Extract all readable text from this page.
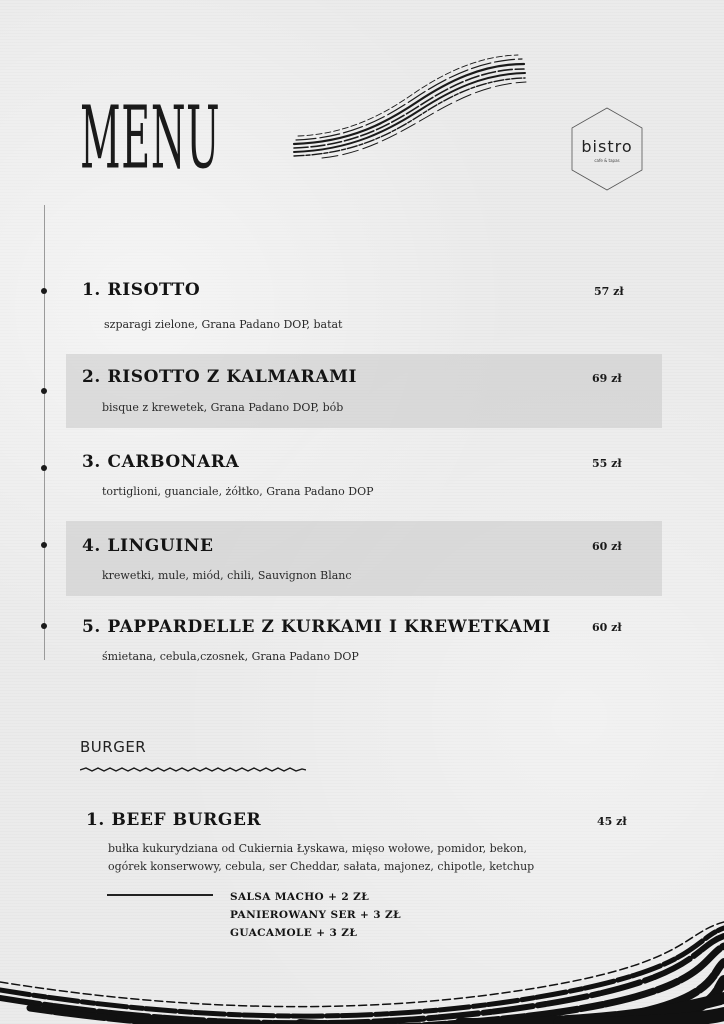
MENU	bistro
cafe & tapas
1. RISOTTO	57 zł
szparagi zielone, Grana Padano DOP, batat
2. RISOTTO Z KALMARAMI	69 zł
bisque z krewetek, Grana Padano DOP, bób
3. CARBONARA	55 zł
tortiglioni, guanciale, żółtko, Grana Padano DOP
4. LINGUINE	60 zł
krewetki, mule, miód, chili, Sauvignon Blanc
5. PAPPARDELLE Z KURKAMI I KREWETKAMI	60 zł
śmietana, cebula,czosnek, Grana Padano DOP
BURGER
1. BEEF BURGER	45 zł
bułka kukurydziana od Cukiernia Łyskawa, mięso wołowe, pomidor, bekon,
ogórek konserwowy, cebula, ser Cheddar, sałata, majonez, chipotle, ketchup
SALSA MACHO + 2 ZŁ
PANIEROWANY SER + 3 ZŁ
GUACAMOLE + 3 ZŁ
